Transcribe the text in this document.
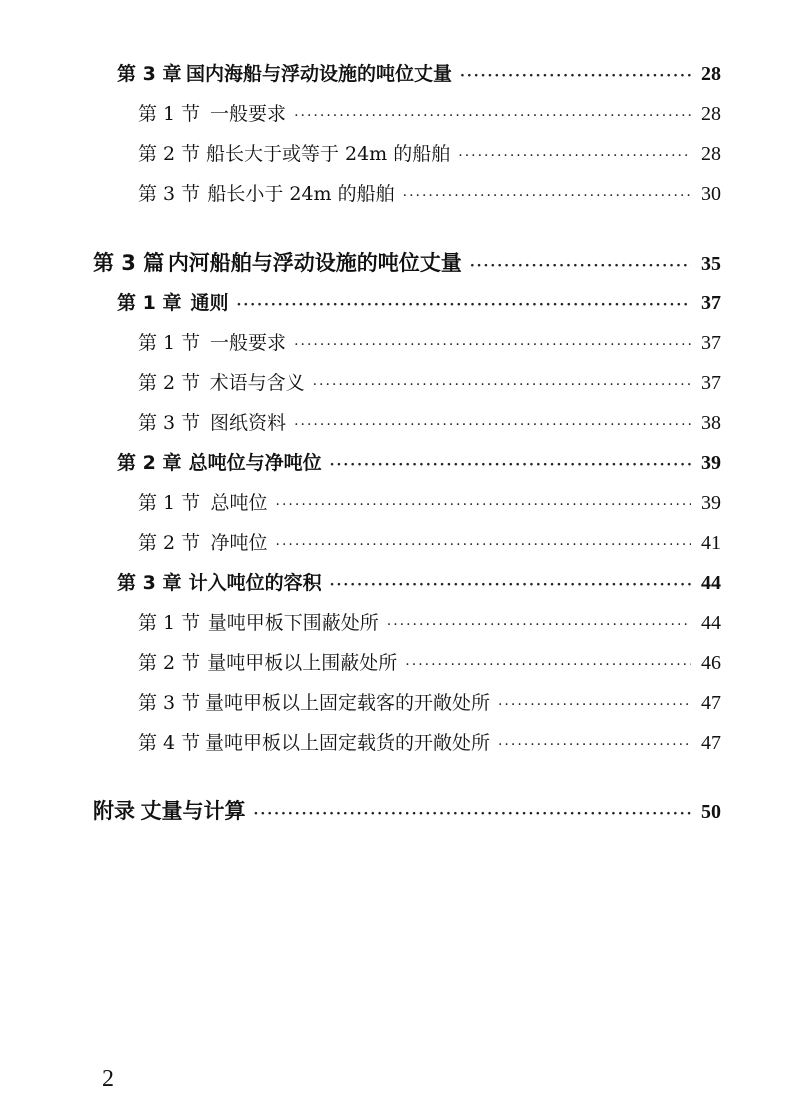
第 3 章 国内海船与浮动设施的吨位丈量 ·····	28
第 1 节 一般要求 ·····	28
第 2 节 船长大于或等于 24m 的船舶 ·····	28
第 3 节 船长小于 24m 的船舶 ·····	30
第 3 篇 内河船舶与浮动设施的吨位丈量 ·····	35
第 1 章 通则 ·····	37
第 1 节 一般要求 ·····	37
第 2 节 术语与含义 ·····	37
第 3 节 图纸资料 ·····	38
第 2 章 总吨位与净吨位 ·····	39
第 1 节 总吨位 ·····	39
第 2 节 净吨位 ·····	41
第 3 章 计入吨位的容积 ·····	44
第 1 节 量吨甲板下围蔽处所 ·····	44
第 2 节 量吨甲板以上围蔽处所 ·····	46
第 3 节 量吨甲板以上固定载客的开敞处所 ·····	47
第 4 节 量吨甲板以上固定载货的开敞处所 ·····	47
附录 丈量与计算 ·····	50
2
